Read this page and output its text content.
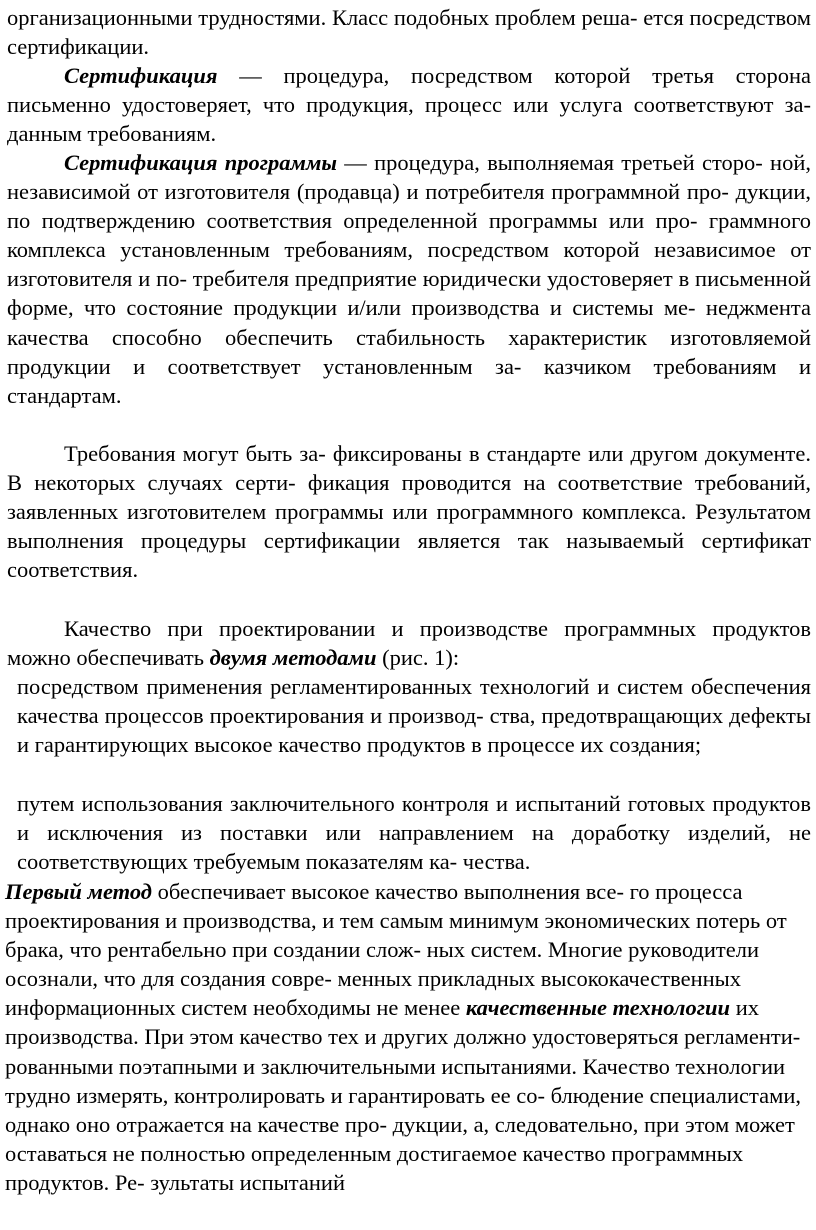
организационными трудностями. Класс подобных проблем реша- ется посредством сертификации.

Сертификация — процедура, посредством которой третья сторона письменно удостоверяет, что продукция, процесс или услуга соответствуют за- данным требованиям.

Сертификация программы — процедура, выполняемая третьей сторо- ной, независимой от изготовителя (продавца) и потребителя программной про- дукции, по подтверждению соответствия определенной программы или про- граммного комплекса установленным требованиям, посредством которой независимое от изготовителя и по- требителя предприятие юридически удостоверяет в письменной форме, что состояние продукции и/или производства и системы ме- неджмента качества способно обеспечить стабильность характеристик изготовляемой продукции и соответствует установленным за- казчиком требованиям и стандартам.

Требования могут быть за- фиксированы в стандарте или другом документе. В некоторых случаях серти- фикация проводится на соответствие требований, заявленных изготовителем программы или программного комплекса. Результатом выполнения процедуры сертификации является так называемый сертификат соответствия.

Качество при проектировании и производстве программных продуктов можно обеспечивать двумя методами (рис. 1):

посредством применения регламентированных технологий и систем обеспечения качества процессов проектирования и производ- ства, предотвращающих дефекты и гарантирующих высокое качество продуктов в процессе их создания;

путем использования заключительного контроля и испытаний готовых продуктов и исключения из поставки или направлением на доработку изделий, не соответствующих требуемым показателям ка- чества.

Первый метод обеспечивает высокое качество выполнения все- го процесса проектирования и производства, и тем самым минимум экономических потерь от брака, что рентабельно при создании слож- ных систем. Многие руководители осознали, что для создания совре- менных прикладных высококачественных информационных систем необходимы не менее качественные технологии их производства. При этом качество тех и других должно удостоверяться регламенти- рованными поэтапными и заключительными испытаниями. Качество технологии трудно измерять, контролировать и гарантировать ее со- блюдение специалистами, однако оно отражается на качестве про- дукции, а, следовательно, при этом может оставаться не полностью определенным достигаемое качество программных продуктов. Ре- зультаты испытаний
